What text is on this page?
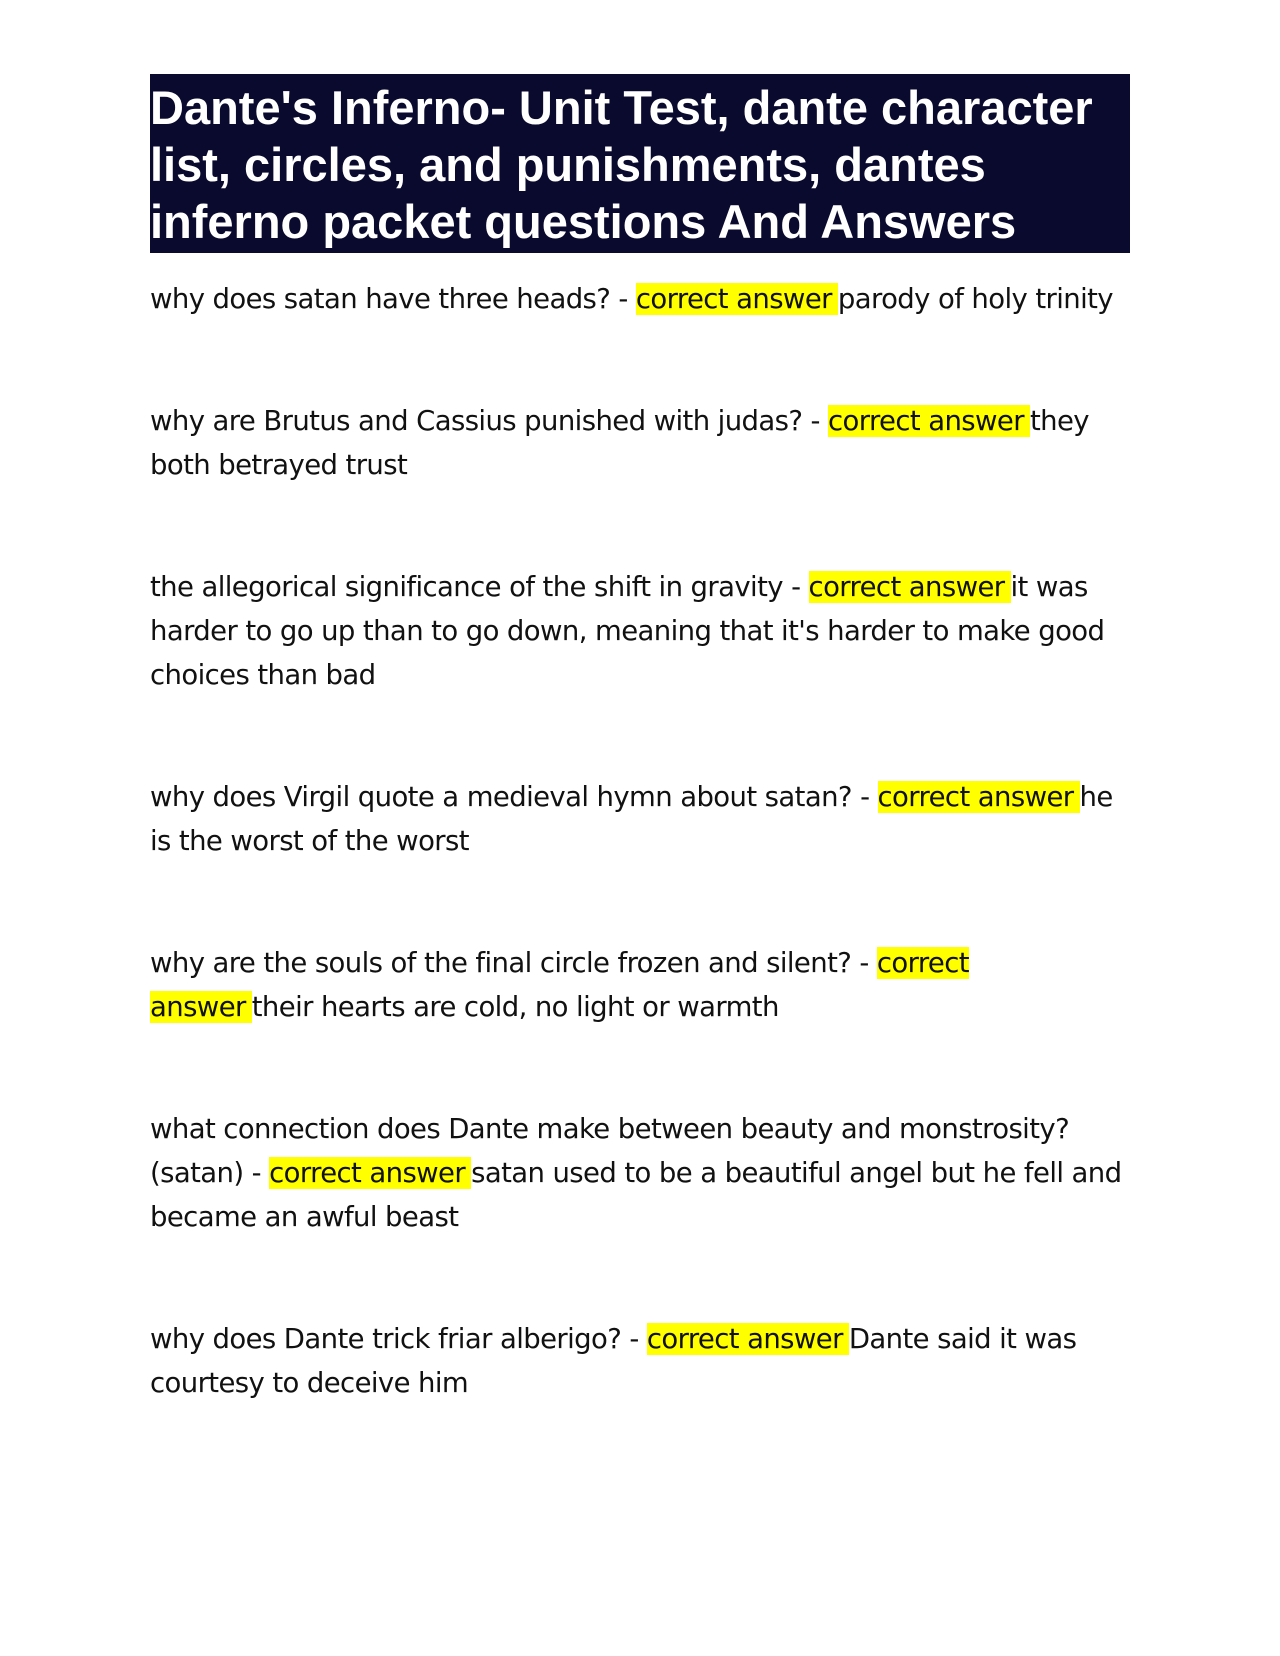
Dante's Inferno- Unit Test, dante character list, circles, and punishments, dantes inferno packet questions And Answers

why does satan have three heads? - correct answer parody of holy trinity

why are Brutus and Cassius punished with judas? - correct answer they both betrayed trust

the allegorical significance of the shift in gravity - correct answer it was harder to go up than to go down, meaning that it's harder to make good choices than bad

why does Virgil quote a medieval hymn about satan? - correct answer he is the worst of the worst

why are the souls of the final circle frozen and silent? - correct answer their hearts are cold, no light or warmth

what connection does Dante make between beauty and monstrosity? (satan) - correct answer satan used to be a beautiful angel but he fell and became an awful beast

why does Dante trick friar alberigo? - correct answer Dante said it was courtesy to deceive him
